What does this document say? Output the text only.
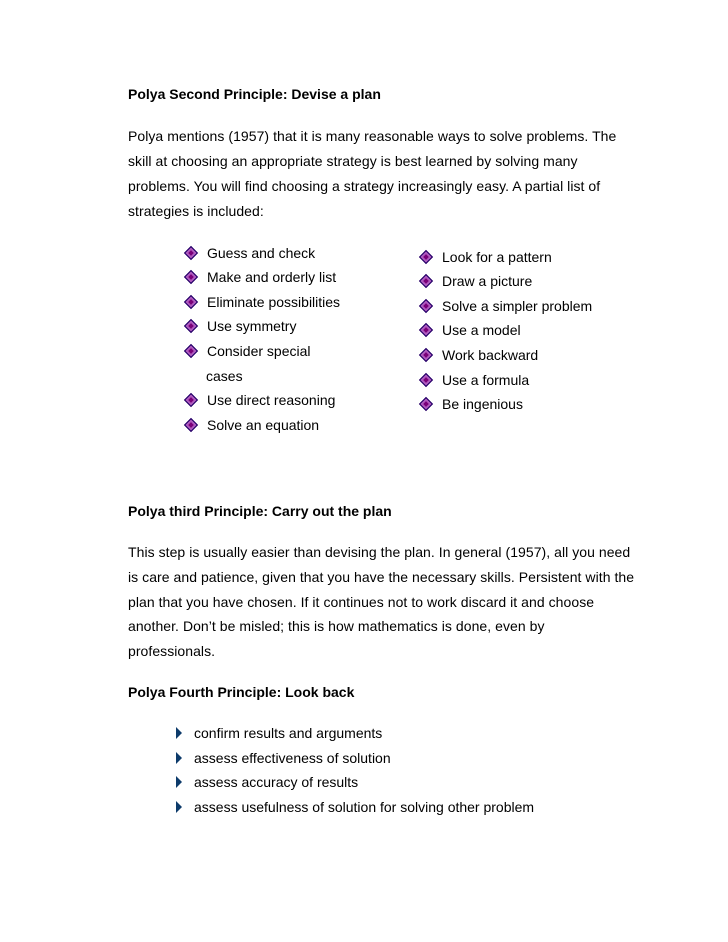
Polya Second Principle: Devise a plan
Polya mentions (1957) that it is many reasonable ways to solve problems. The
skill at choosing an appropriate strategy is best learned by solving many
problems. You will find choosing a strategy increasingly easy. A partial list of
strategies is included:
Guess and check
Make and orderly list
Eliminate possibilities
Use symmetry
Consider special
cases
Use direct reasoning
Solve an equation
Look for a pattern
Draw a picture
Solve a simpler problem
Use a model
Work backward
Use a formula
Be ingenious
Polya third Principle: Carry out the plan
This step is usually easier than devising the plan. In general (1957), all you need
is care and patience, given that you have the necessary skills. Persistent with the
plan that you have chosen. If it continues not to work discard it and choose
another. Don’t be misled; this is how mathematics is done, even by
professionals.
Polya Fourth Principle: Look back
confirm results and arguments
assess effectiveness of solution
assess accuracy of results
assess usefulness of solution for solving other problem
